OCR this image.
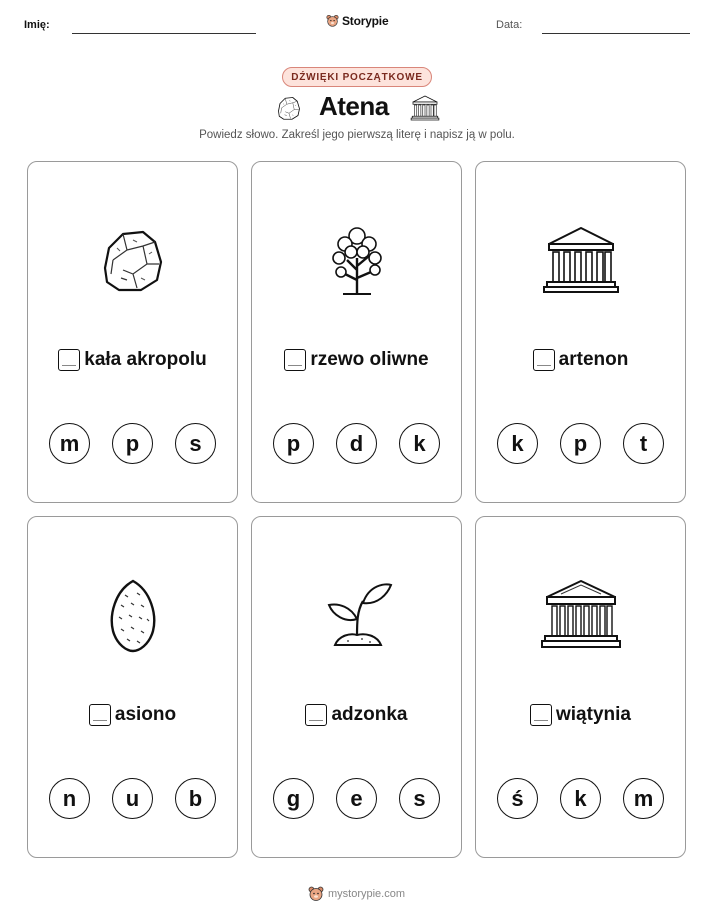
Imię:	Storypie	Data:
DŹWIĘKI POCZĄTKOWE
Atena
Powiedz słowo. Zakreśl jego pierwszą literę i napisz ją w polu.
kała akropolu
m	p	s
rzewo oliwne
p	d	k
artenon
k	p	t
asiono
n	u	b
adzonka
g	e	s
wiątynia
ś	k	m
mystorypie.com
